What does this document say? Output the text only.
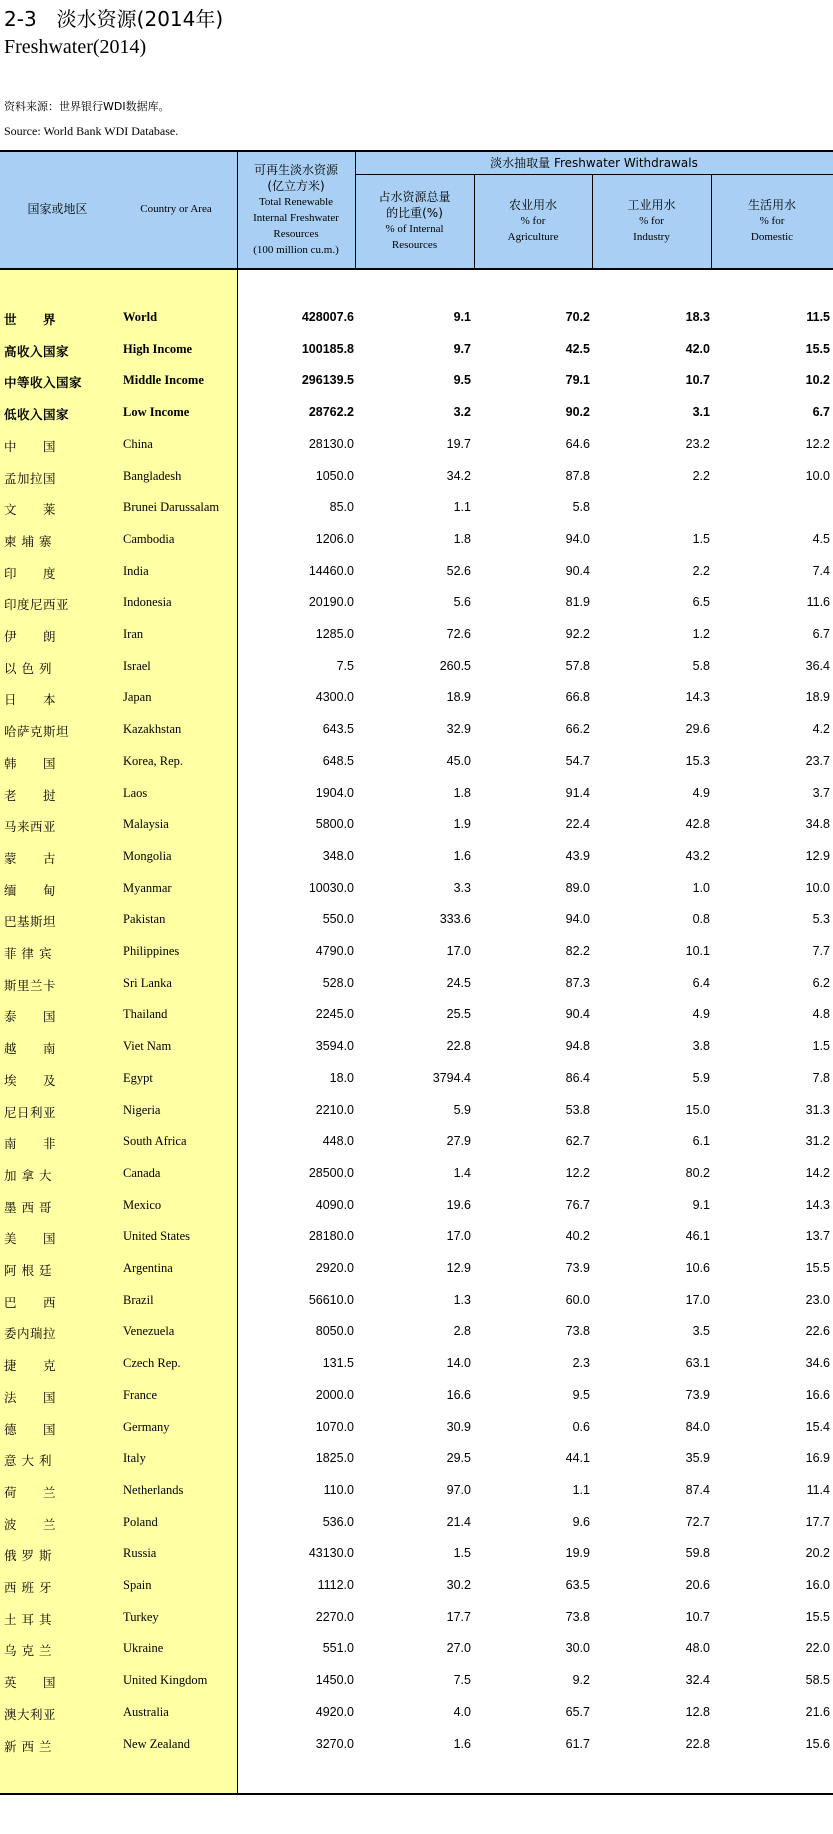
2-3　淡水资源(2014年)
Freshwater(2014)
资料来源：世界银行WDI数据库。
Source: World Bank WDI Database.
国家或地区	Country or Area
可再生淡水资源
(亿立方米)
Total Renewable
Internal Freshwater
Resources
(100 million cu.m.)
淡水抽取量 Freshwater Withdrawals
占水资源总量
的比重(%)
% of Internal
Resources
农业用水
% for
Agriculture
工业用水
% for
Industry
生活用水
% for
Domestic
世　　界	World	428007.6	9.1	70.2	18.3	11.5
高收入国家	High Income	100185.8	9.7	42.5	42.0	15.5
中等收入国家	Middle Income	296139.5	9.5	79.1	10.7	10.2
低收入国家	Low Income	28762.2	3.2	90.2	3.1	6.7
中　　国	China	28130.0	19.7	64.6	23.2	12.2
孟加拉国	Bangladesh	1050.0	34.2	87.8	2.2	10.0
文　　莱	Brunei Darussalam	85.0	1.1	5.8
柬 埔 寨	Cambodia	1206.0	1.8	94.0	1.5	4.5
印　　度	India	14460.0	52.6	90.4	2.2	7.4
印度尼西亚	Indonesia	20190.0	5.6	81.9	6.5	11.6
伊　　朗	Iran	1285.0	72.6	92.2	1.2	6.7
以 色 列	Israel	7.5	260.5	57.8	5.8	36.4
日　　本	Japan	4300.0	18.9	66.8	14.3	18.9
哈萨克斯坦	Kazakhstan	643.5	32.9	66.2	29.6	4.2
韩　　国	Korea, Rep.	648.5	45.0	54.7	15.3	23.7
老　　挝	Laos	1904.0	1.8	91.4	4.9	3.7
马来西亚	Malaysia	5800.0	1.9	22.4	42.8	34.8
蒙　　古	Mongolia	348.0	1.6	43.9	43.2	12.9
缅　　甸	Myanmar	10030.0	3.3	89.0	1.0	10.0
巴基斯坦	Pakistan	550.0	333.6	94.0	0.8	5.3
菲 律 宾	Philippines	4790.0	17.0	82.2	10.1	7.7
斯里兰卡	Sri Lanka	528.0	24.5	87.3	6.4	6.2
泰　　国	Thailand	2245.0	25.5	90.4	4.9	4.8
越　　南	Viet Nam	3594.0	22.8	94.8	3.8	1.5
埃　　及	Egypt	18.0	3794.4	86.4	5.9	7.8
尼日利亚	Nigeria	2210.0	5.9	53.8	15.0	31.3
南　　非	South Africa	448.0	27.9	62.7	6.1	31.2
加 拿 大	Canada	28500.0	1.4	12.2	80.2	14.2
墨 西 哥	Mexico	4090.0	19.6	76.7	9.1	14.3
美　　国	United States	28180.0	17.0	40.2	46.1	13.7
阿 根 廷	Argentina	2920.0	12.9	73.9	10.6	15.5
巴　　西	Brazil	56610.0	1.3	60.0	17.0	23.0
委内瑞拉	Venezuela	8050.0	2.8	73.8	3.5	22.6
捷　　克	Czech Rep.	131.5	14.0	2.3	63.1	34.6
法　　国	France	2000.0	16.6	9.5	73.9	16.6
德　　国	Germany	1070.0	30.9	0.6	84.0	15.4
意 大 利	Italy	1825.0	29.5	44.1	35.9	16.9
荷　　兰	Netherlands	110.0	97.0	1.1	87.4	11.4
波　　兰	Poland	536.0	21.4	9.6	72.7	17.7
俄 罗 斯	Russia	43130.0	1.5	19.9	59.8	20.2
西 班 牙	Spain	1112.0	30.2	63.5	20.6	16.0
土 耳 其	Turkey	2270.0	17.7	73.8	10.7	15.5
乌 克 兰	Ukraine	551.0	27.0	30.0	48.0	22.0
英　　国	United Kingdom	1450.0	7.5	9.2	32.4	58.5
澳大利亚	Australia	4920.0	4.0	65.7	12.8	21.6
新 西 兰	New Zealand	3270.0	1.6	61.7	22.8	15.6
